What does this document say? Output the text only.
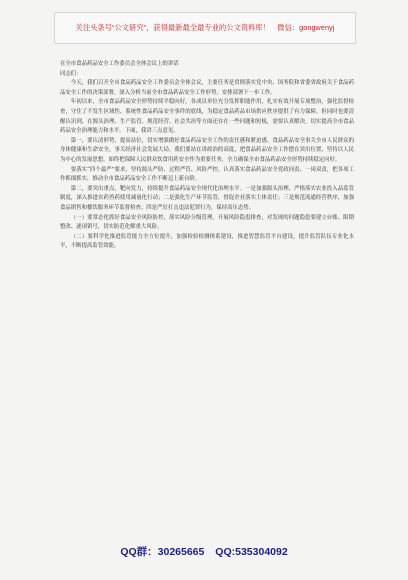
关注头条号“公文研究”，获得最新最全最专业的公文资料库！　微信：gongwenyj

在全市食品药品安全工作委员会全体会议上的讲话

同志们：

今天，我们召开全市食品药品安全工作委员会全体会议，主要任务是贯彻落实党中央、国务院和省委省政府关于食品药品安全工作的决策部署，深入分析当前全市食品药品安全工作形势，安排部署下一步工作。

年初以来，全市食品药品安全形势持续平稳向好，各成员单位充分发挥职能作用，扎实有效开展专项整治，强化监督检查，守住了不发生区域性、系统性食品药品安全事件的底线，为稳定食品药品市场供应秩序提供了有力保障。但同时也要清醒认识到，在源头治理、生产监管、规范经营、社会共治等方面还存在一些问题和短板，需要认真解决。切实提高全市食品药品安全治理能力和水平。下面，我讲三点意见。

第一，要认清形势，提高站位，切实增强做好食品药品安全工作的责任感和紧迫感。食品药品安全事关全市人民群众的身体健康和生命安全，事关经济社会发展大局。我们要站在讲政治的高度，把食品药品安全工作摆在突出位置，坚持以人民为中心的发展思想，始终把保障人民群众饮食用药安全作为重要任务，全力确保全市食品药品安全形势持续稳定向好。

要落实“四个最严”要求，坚持源头严防、过程严管、风险严控，认真落实食品药品安全党政同责、一岗双责，把各项工作抓细抓实，推动全市食品药品安全工作不断迈上新台阶。

第二，要突出重点，靶向发力，持续提升食品药品安全现代化治理水平。一是加强源头治理，严格落实农业投入品监管制度，深入推进农药兽药使用减量化行动；二是强化生产环节监管，督促企业落实主体责任；三是规范流通经营秩序，加强食品销售和餐饮服务环节监督检查；四是严厉打击违法犯罪行为，保持高压态势。

（一）要常态化抓好食品安全风险防控，落实风险分级管理，开展风险隐患排查，对发现的问题隐患要建立台账、限期整改、逐项销号，切实防范化解重大风险。

（二）要科学化推进监管能力全方位提升，加强检验检测体系建设，推进智慧监管平台建设，提升监管队伍专业化水平，不断提高监管效能。

QQ群：30265665 QQ:535304092
